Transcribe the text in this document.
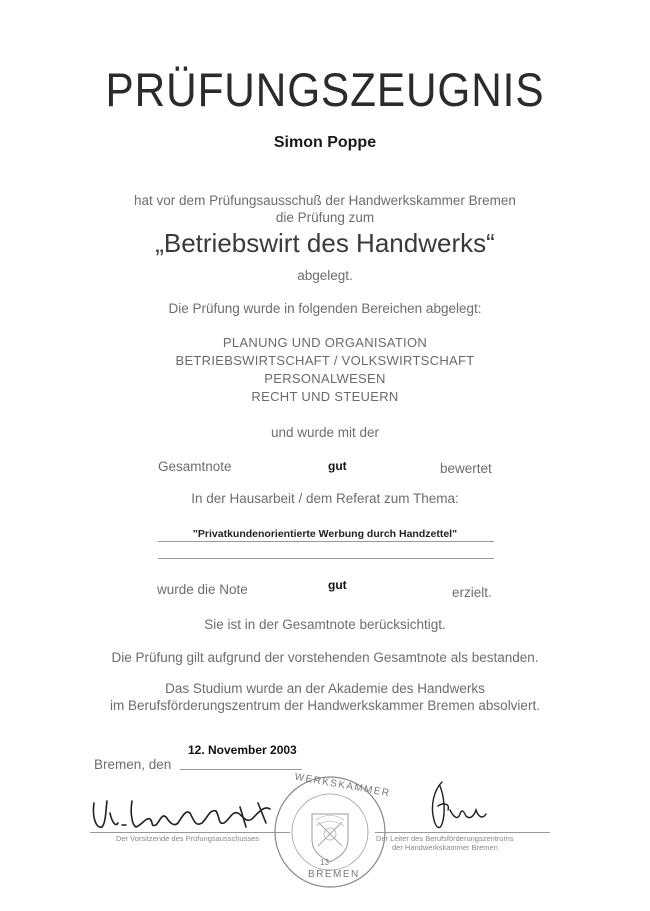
PRÜFUNGSZEUGNIS
Simon Poppe
hat vor dem Prüfungsausschuß der Handwerkskammer Bremen
die Prüfung zum
„Betriebswirt des Handwerks“
abgelegt.
Die Prüfung wurde in folgenden Bereichen abgelegt:
PLANUNG UND ORGANISATION
BETRIEBSWIRTSCHAFT / VOLKSWIRTSCHAFT
PERSONALWESEN
RECHT UND STEUERN
und wurde mit der
Gesamtnote	gut	bewertet
In der Hausarbeit / dem Referat zum Thema:
"Privatkundenorientierte Werbung durch Handzettel"
wurde die Note	gut	erzielt.
Sie ist in der Gesamtnote berücksichtigt.
Die Prüfung gilt aufgrund der vorstehenden Gesamtnote als bestanden.
Das Studium wurde an der Akademie des Handwerks
im Berufsförderungszentrum der Handwerkskammer Bremen absolviert.
Bremen, den
12. November 2003
Der Vorsitzende des Prüfungsausschusses
WERKSKAMMER
13
BREMEN
Der Leiter des Berufsförderungszentrums
der Handwerkskammer Bremen
